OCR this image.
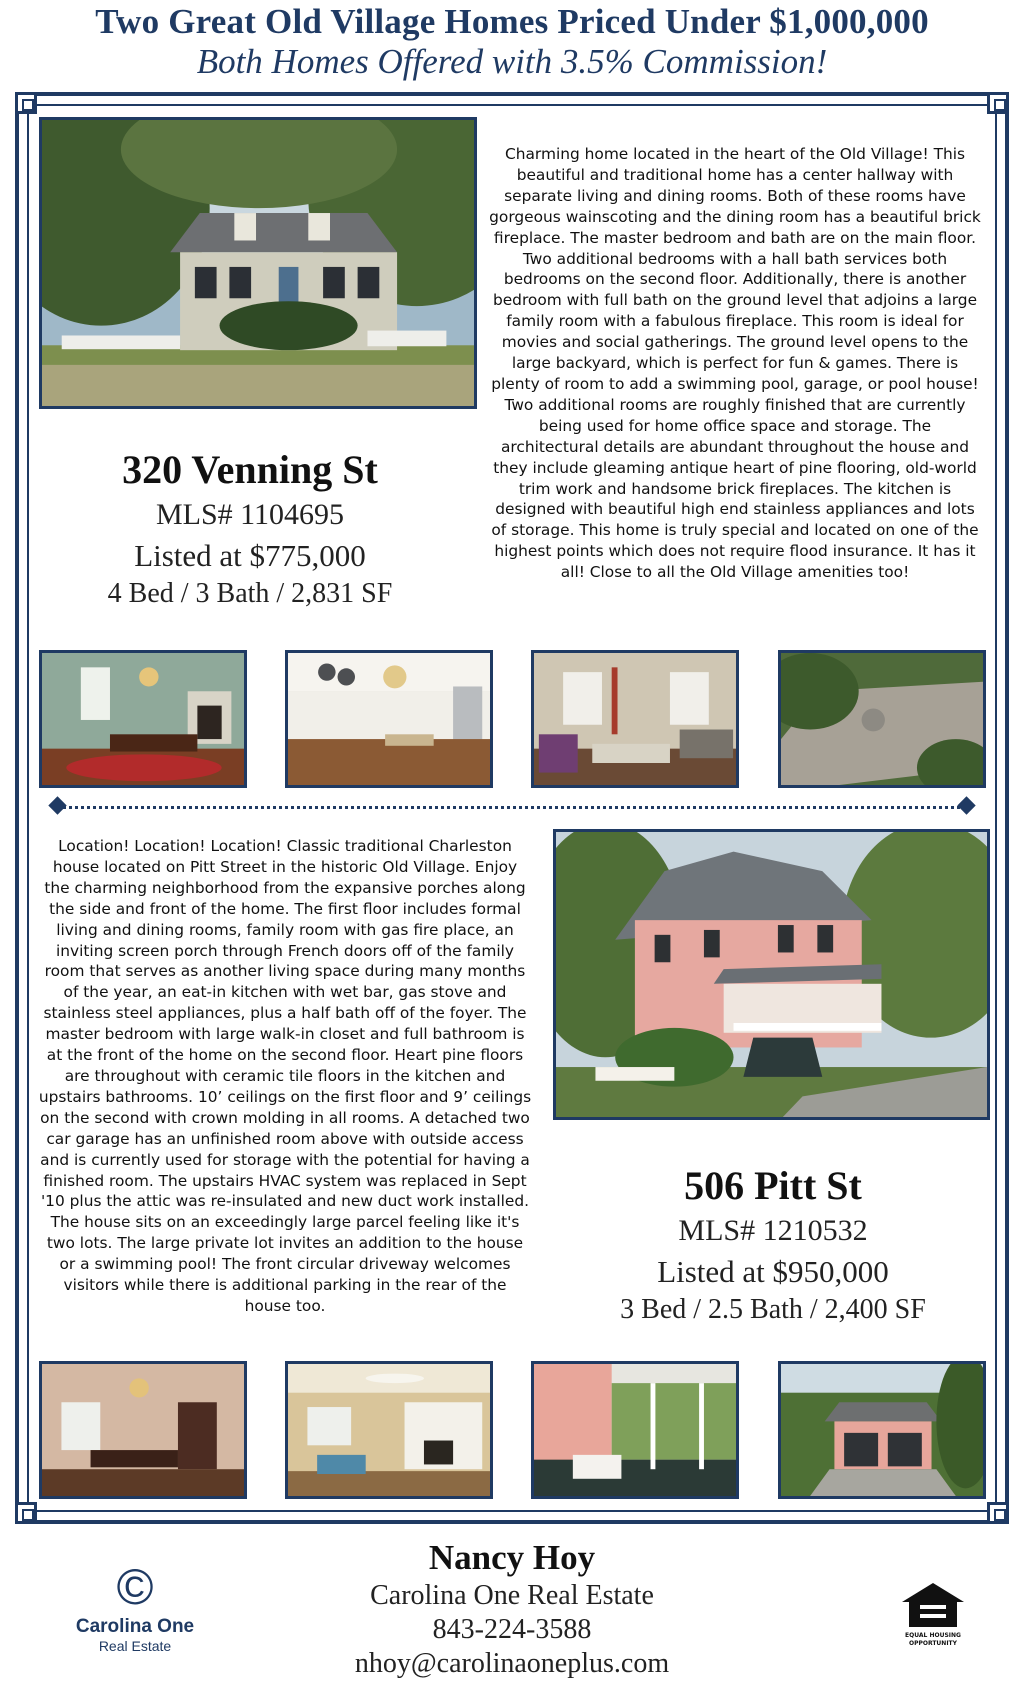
Two Great Old Village Homes Priced Under $1,000,000
Both Homes Offered with 3.5% Commission!
320 Venning St
MLS# 1104695
Listed at $775,000
4 Bed / 3 Bath / 2,831 SF
Charming home located in the heart of the Old Village! This beautiful and traditional home has a center hallway with separate living and dining rooms. Both of these rooms have gorgeous wainscoting and the dining room has a beautiful brick fireplace. The master bedroom and bath are on the main floor. Two additional bedrooms with a hall bath services both bedrooms on the second floor. Additionally, there is another bedroom with full bath on the ground level that adjoins a large family room with a fabulous fireplace. This room is ideal for movies and social gatherings. The ground level opens to the large backyard, which is perfect for fun & games. There is plenty of room to add a swimming pool, garage, or pool house! Two additional rooms are roughly finished that are currently being used for home office space and storage. The architectural details are abundant throughout the house and they include gleaming antique heart of pine flooring, old-world trim work and handsome brick fireplaces. The kitchen is designed with beautiful high end stainless appliances and lots of storage. This home is truly special and located on one of the highest points which does not require flood insurance. It has it all! Close to all the Old Village amenities too!
Location! Location! Location! Classic traditional Charleston house located on Pitt Street in the historic Old Village. Enjoy the charming neighborhood from the expansive porches along the side and front of the home. The first floor includes formal living and dining rooms, family room with gas fire place, an inviting screen porch through French doors off of the family room that serves as another living space during many months of the year, an eat-in kitchen with wet bar, gas stove and stainless steel appliances, plus a half bath off of the foyer. The master bedroom with large walk-in closet and full bathroom is at the front of the home on the second floor. Heart pine floors are throughout with ceramic tile floors in the kitchen and upstairs bathrooms. 10’ ceilings on the first floor and 9’ ceilings on the second with crown molding in all rooms. A detached two car garage has an unfinished room above with outside access and is currently used for storage with the potential for having a finished room. The upstairs HVAC system was replaced in Sept '10 plus the attic was re-insulated and new duct work installed. The house sits on an exceedingly large parcel feeling like it's two lots. The large private lot invites an addition to the house or a swimming pool! The front circular driveway welcomes visitors while there is additional parking in the rear of the house too.
506 Pitt St
MLS# 1210532
Listed at $950,000
3 Bed / 2.5 Bath / 2,400 SF
©
Carolina One
Real Estate
Nancy Hoy
Carolina One Real Estate
843-224-3588
nhoy@carolinaoneplus.com
EQUAL HOUSING
OPPORTUNITY
